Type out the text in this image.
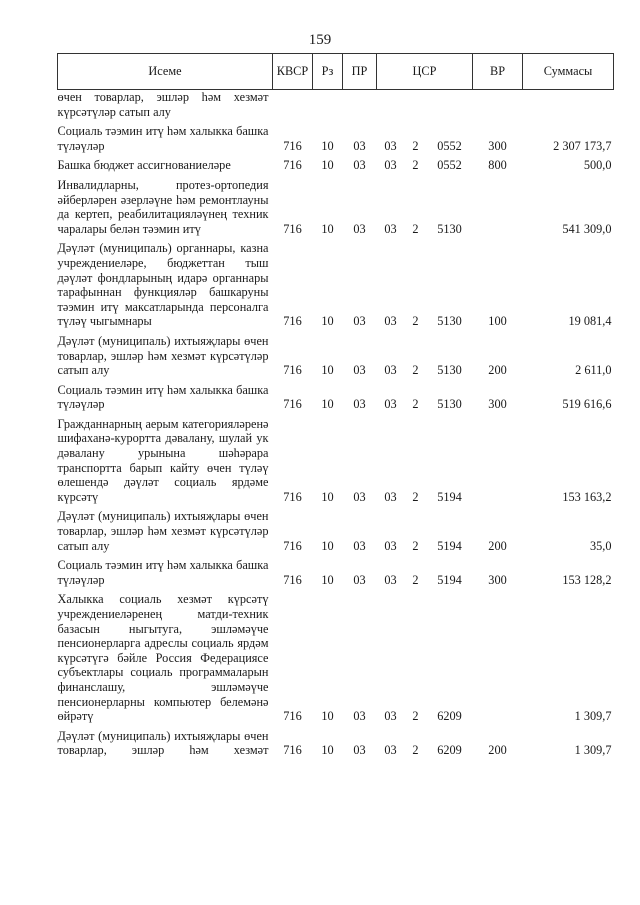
159
Исеме	КВСР	Рз	ПР	ЦСР			ВР	Суммасы
өчен товарлар, эшләр һәм хезмәт күрсәтүләр сатып алу								
Социаль тәэмин итү һәм халыкка башка түләүләр	716	10	03	03	2	0552	300	2 307 173,7
Башка бюджет ассигнованиеләре	716	10	03	03	2	0552	800	500,0
Инвалидларны, протез-ортопедия әйберләрен әзерләүне һәм ремонтлауны да кертеп, реабилитацияләүнең техник чаралары белән тәэмин итү	716	10	03	03	2	5130		541 309,0
Дәүләт (муниципаль) органнары, казна учреждениеләре, бюджеттан тыш дәүләт фондларының идарә органнары тарафыннан функцияләр башкаруны тәэмин итү максатларында персоналга түләү чыгымнары	716	10	03	03	2	5130	100	19 081,4
Дәүләт (муниципаль) ихтыяҗлары өчен товарлар, эшләр һәм хезмәт күрсәтүләр сатып алу	716	10	03	03	2	5130	200	2 611,0
Социаль тәэмин итү һәм халыкка башка түләүләр	716	10	03	03	2	5130	300	519 616,6
Гражданнарның аерым категорияләренә шифаханә-курортта дәвалану, шулай ук дәвалану урынына шәһәрара транспортта барып кайту өчен түләү өлешендә дәүләт социаль ярдәме күрсәтү	716	10	03	03	2	5194		153 163,2
Дәүләт (муниципаль) ихтыяҗлары өчен товарлар, эшләр һәм хезмәт күрсәтүләр сатып алу	716	10	03	03	2	5194	200	35,0
Социаль тәэмин итү һәм халыкка башка түләүләр	716	10	03	03	2	5194	300	153 128,2
Халыкка социаль хезмәт күрсәтү учреждениеләренең матди-техник базасын ныгытуга, эшләмәүче пенсионерларга адреслы социаль ярдәм күрсәтүгә бәйле Россия Федерациясе субъектлары социаль программаларын финанслашу, эшләмәүче пенсионерларны компьютер белемәнә өйрәтү	716	10	03	03	2	6209		1 309,7
Дәүләт (муниципаль) ихтыяҗлары өчен товарлар, эшләр һәм хезмәт	716	10	03	03	2	6209	200	1 309,7
